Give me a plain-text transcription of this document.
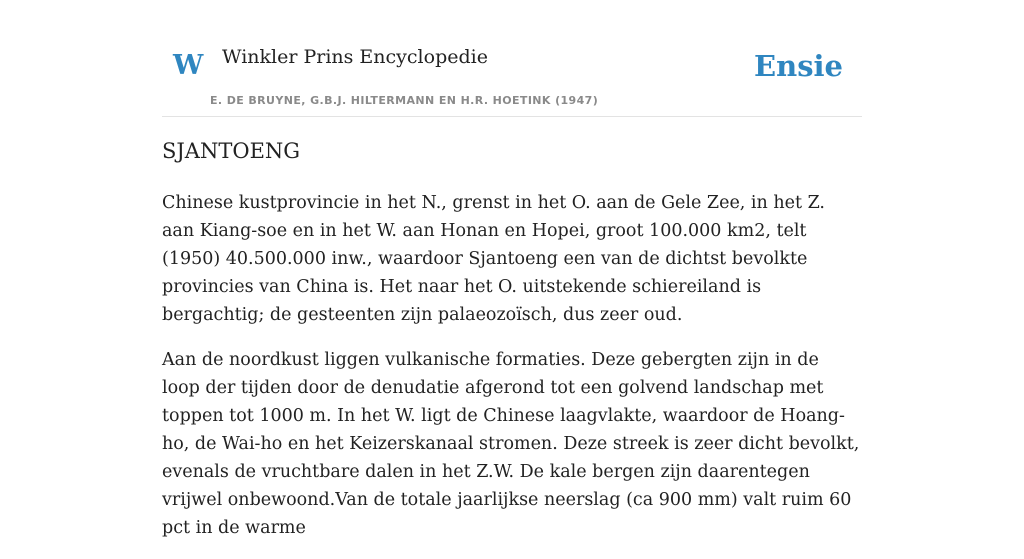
W Winkler Prins Encyclopedie
E. DE BRUYNE, G.B.J. HILTERMANN EN H.R. HOETINK (1947)
Ensie
SJANTOENG

Chinese kustprovincie in het N., grenst in het O. aan de Gele Zee, in het Z. aan Kiang-soe en in het W. aan Honan en Hopei, groot 100.000 km2, telt (1950) 40.500.000 inw., waardoor Sjantoeng een van de dichtst bevolkte provincies van China is. Het naar het O. uitstekende schiereiland is bergachtig; de gesteenten zijn palaeozoïsch, dus zeer oud.

Aan de noordkust liggen vulkanische formaties. Deze gebergten zijn in de loop der tijden door de denudatie afgerond tot een golvend landschap met toppen tot 1000 m. In het W. ligt de Chinese laagvlakte, waardoor de Hoang-ho, de Wai-ho en het Keizerskanaal stromen. Deze streek is zeer dicht bevolkt, evenals de vruchtbare dalen in het Z.W. De kale bergen zijn daarentegen vrijwel onbewoond.Van de totale jaarlijkse neerslag (ca 900 mm) valt ruim 60 pct in de warme
